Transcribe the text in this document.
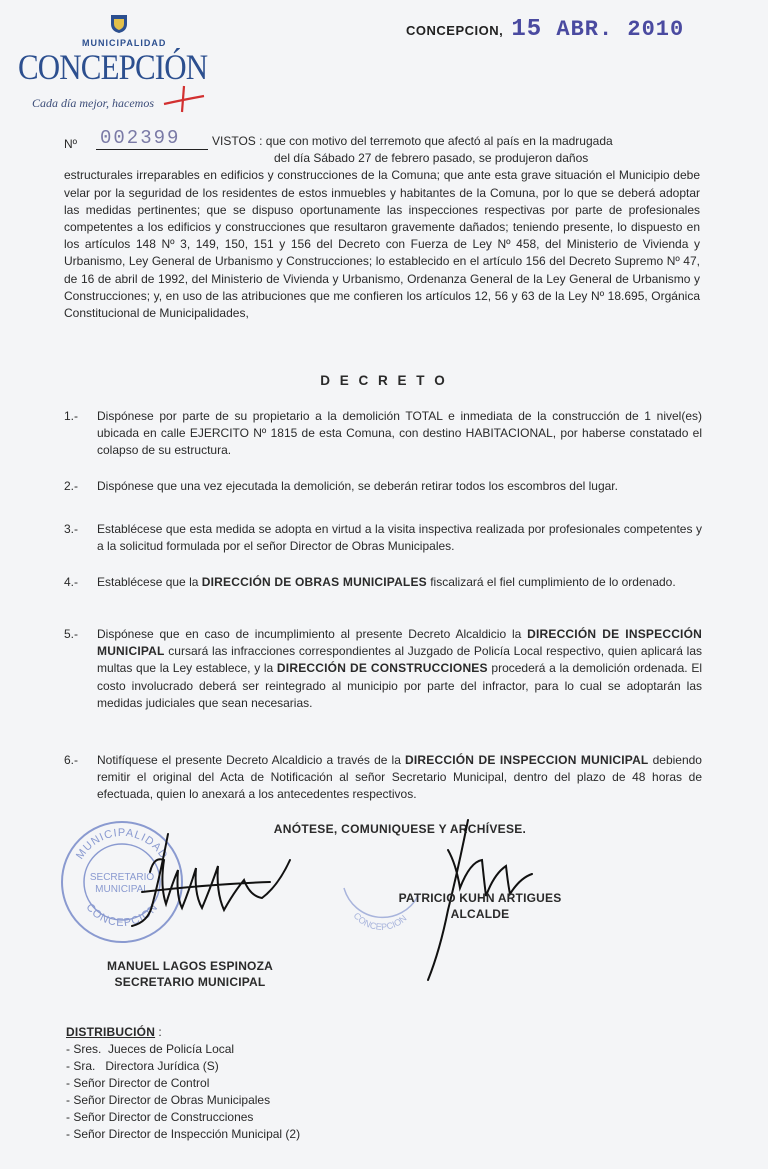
MUNICIPALIDAD
CONCEPCIÓN
Cada día mejor, hacemos
CONCEPCION, 15 ABR. 2010
Nº 002399	VISTOS : que con motivo del terremoto que afectó al país en la madrugada
del día Sábado 27 de febrero pasado, se produjeron daños
estructurales irreparables en edificios y construcciones de la Comuna; que ante esta grave situación el Municipio debe velar por la seguridad de los residentes de estos inmuebles y habitantes de la Comuna, por lo que se deberá adoptar las medidas pertinentes; que se dispuso oportunamente las inspecciones respectivas por parte de profesionales competentes a los edificios y construcciones que resultaron gravemente dañados; teniendo presente, lo dispuesto en los artículos 148 Nº 3, 149, 150, 151 y 156 del Decreto con Fuerza de Ley Nº 458, del Ministerio de Vivienda y Urbanismo, Ley General de Urbanismo y Construcciones; lo establecido en el artículo 156 del Decreto Supremo Nº 47, de 16 de abril de 1992, del Ministerio de Vivienda y Urbanismo, Ordenanza General de la Ley General de Urbanismo y Construcciones; y, en uso de las atribuciones que me confieren los artículos 12, 56 y 63 de la Ley Nº 18.695, Orgánica Constitucional de Municipalidades,
D E C R E T O
1.- Dispónese por parte de su propietario a la demolición TOTAL e inmediata de la construcción de 1 nivel(es) ubicada en calle EJERCITO Nº 1815 de esta Comuna, con destino HABITACIONAL, por haberse constatado el colapso de su estructura.
2.- Dispónese que una vez ejecutada la demolición, se deberán retirar todos los escombros del lugar.
3.- Establécese que esta medida se adopta en virtud a la visita inspectiva realizada por profesionales competentes y a la solicitud formulada por el señor Director de Obras Municipales.
4.- Establécese que la DIRECCIÓN DE OBRAS MUNICIPALES fiscalizará el fiel cumplimiento de lo ordenado.
5.- Dispónese que en caso de incumplimiento al presente Decreto Alcaldicio la DIRECCIÓN DE INSPECCIÓN MUNICIPAL cursará las infracciones correspondientes al Juzgado de Policía Local respectivo, quien aplicará las multas que la Ley establece, y la DIRECCIÓN DE CONSTRUCCIONES procederá a la demolición ordenada. El costo involucrado deberá ser reintegrado al municipio por parte del infractor, para lo cual se adoptarán las medidas judiciales que sean necesarias.
6.- Notifíquese el presente Decreto Alcaldicio a través de la DIRECCIÓN DE INSPECCION MUNICIPAL debiendo remitir el original del Acta de Notificación al señor Secretario Municipal, dentro del plazo de 48 horas de efectuada, quien lo anexará a los antecedentes respectivos.
ANÓTESE, COMUNIQUESE Y ARCHÍVESE.
MUNICIPALIDAD
CONCEPCION
SECRETARIO
MUNICIPAL
CONCEPCION
PATRICIO KUHN ARTIGUES
ALCALDE
MANUEL LAGOS ESPINOZA
SECRETARIO MUNICIPAL
DISTRIBUCIÓN :
- Sres.  Jueces de Policía Local
- Sra.   Directora Jurídica (S)
- Señor Director de Control
- Señor Director de Obras Municipales
- Señor Director de Construcciones
- Señor Director de Inspección Municipal (2)
